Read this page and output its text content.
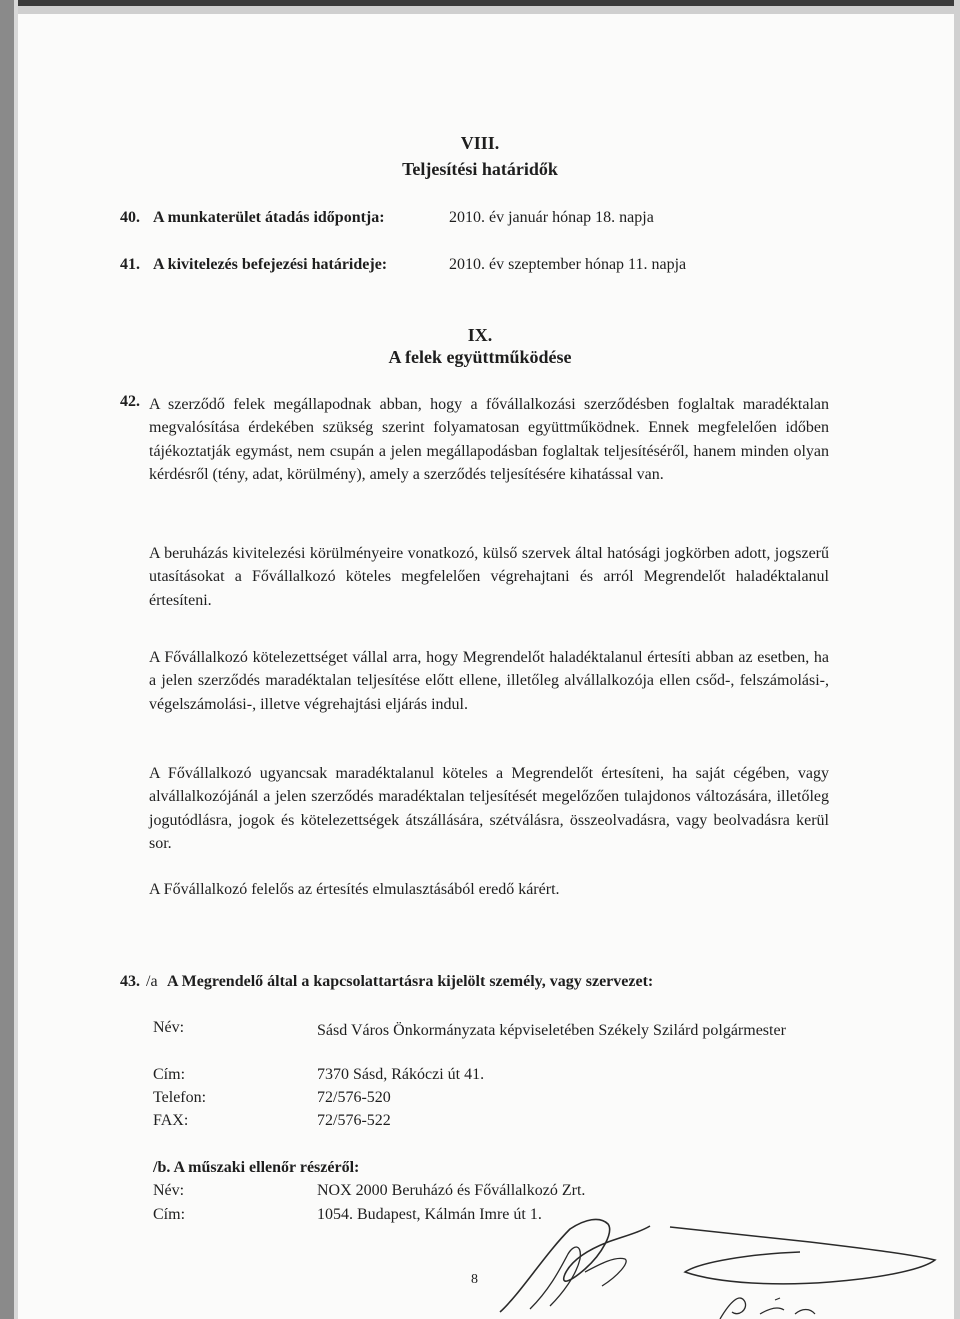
VIII.
Teljesítési határidők
40. A munkaterület átadás időpontja:	2010. év január hónap 18. napja
41. A kivitelezés befejezési határideje:	2010. év szeptember hónap 11. napja
IX.
A felek együttműködése
42. A szerződő felek megállapodnak abban, hogy a fővállalkozási szerződésben foglaltak maradéktalan megvalósítása érdekében szükség szerint folyamatosan együttműködnek. Ennek megfelelően időben tájékoztatják egymást, nem csupán a jelen megállapodásban foglaltak teljesítéséről, hanem minden olyan kérdésről (tény, adat, körülmény), amely a szerződés teljesítésére kihatással van.

A beruházás kivitelezési körülményeire vonatkozó, külső szervek által hatósági jogkörben adott, jogszerű utasításokat a Fővállalkozó köteles megfelelően végrehajtani és arról Megrendelőt haladéktalanul értesíteni.

A Fővállalkozó kötelezettséget vállal arra, hogy Megrendelőt haladéktalanul értesíti abban az esetben, ha a jelen szerződés maradéktalan teljesítése előtt ellene, illetőleg alvállalkozója ellen csőd-, felszámolási-, végelszámolási-, illetve végrehajtási eljárás indul.

A Fővállalkozó ugyancsak maradéktalanul köteles a Megrendelőt értesíteni, ha saját cégében, vagy alvállalkozójánál a jelen szerződés maradéktalan teljesítését megelőzően tulajdonos változására, illetőleg jogutódlásra, jogok és kötelezettségek átszállására, szétválásra, összeolvadásra, vagy beolvadásra kerül sor.

A Fővállalkozó felelős az értesítés elmulasztásából eredő kárért.

43. /a A Megrendelő által a kapcsolattartásra kijelölt személy, vagy szervezet:
Név:	Sásd Város Önkormányzata képviseletében Székely Szilárd polgármester
Cím:	7370 Sásd, Rákóczi út 41.
Telefon:	72/576-520
FAX:	72/576-522
/b. A műszaki ellenőr részéről:
Név:	NOX 2000 Beruházó és Fővállalkozó Zrt.
Cím:	1054. Budapest, Kálmán Imre út 1.
8
